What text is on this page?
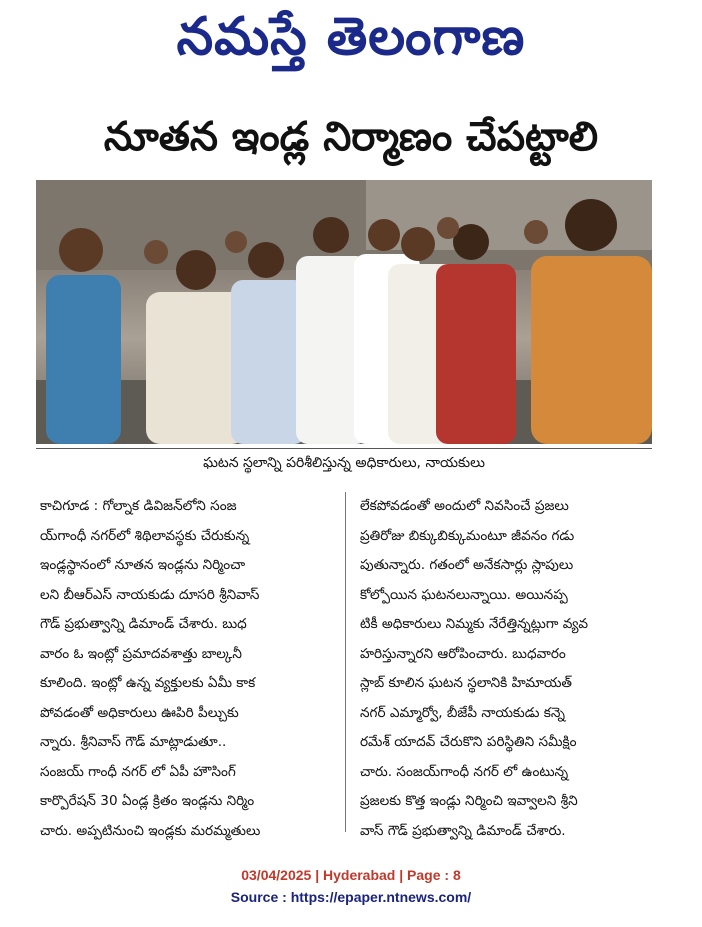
నమస్తే తెలంగాణ
నూతన ఇండ్ల నిర్మాణం చేపట్టాలి
ఘటన స్థలాన్ని పరిశీలిస్తున్న అధికారులు, నాయకులు

కాచిగూడ : గోల్నాక డివిజన్‌లోని సంజ

య్‌గాంధీ నగర్‌లో శిథిలావస్థకు చేరుకున్న

ఇండ్లస్థానంలో నూతన ఇండ్లను నిర్మించా

లని బీఆర్‌ఎస్ నాయకుడు దూసరి శ్రీనివాస్

గౌడ్ ప్రభుత్వాన్ని డిమాండ్ చేశారు. బుధ

వారం ఓ ఇంట్లో ప్రమాదవశాత్తు బాల్కనీ

కూలింది. ఇంట్లో ఉన్న వ్యక్తులకు ఏమీ కాక

పోవడంతో అధికారులు ఊపిరి పీల్చుకు

న్నారు. శ్రీనివాస్ గౌడ్ మాట్లాడుతూ..

సంజయ్ గాంధీ నగర్ లో ఏపీ హౌసింగ్

కార్పొరేషన్ 30 ఏండ్ల క్రితం ఇండ్లను నిర్మిం

చారు. అప్పటినుంచి ఇండ్లకు మరమ్మతులు

లేకపోవడంతో అందులో నివసించే ప్రజలు

ప్రతిరోజు బిక్కుబిక్కుమంటూ జీవనం గడు

పుతున్నారు. గతంలో అనేకసార్లు స్లాపులు

కోల్పోయిన ఘటనలున్నాయి. అయినప్ప

టికీ అధికారులు నిమ్మకు నేరేత్తిన్నట్లుగా వ్యవ

హరిస్తున్నారని ఆరోపించారు. బుధవారం

స్లాబ్ కూలిన ఘటన స్థలానికి హిమాయత్

నగర్ ఎమ్మార్వో, బీజేపీ నాయకుడు కన్నె

రమేశ్ యాదవ్ చేరుకొని పరిస్థితిని సమీక్షిం

చారు. సంజయ్‌గాంధీ నగర్ లో ఉంటున్న

ప్రజలకు కొత్త ఇండ్లు నిర్మించి ఇవ్వాలని శ్రీని

వాస్ గౌడ్ ప్రభుత్వాన్ని డిమాండ్ చేశారు.

03/04/2025 | Hyderabad | Page : 8
Source : https://epaper.ntnews.com/
